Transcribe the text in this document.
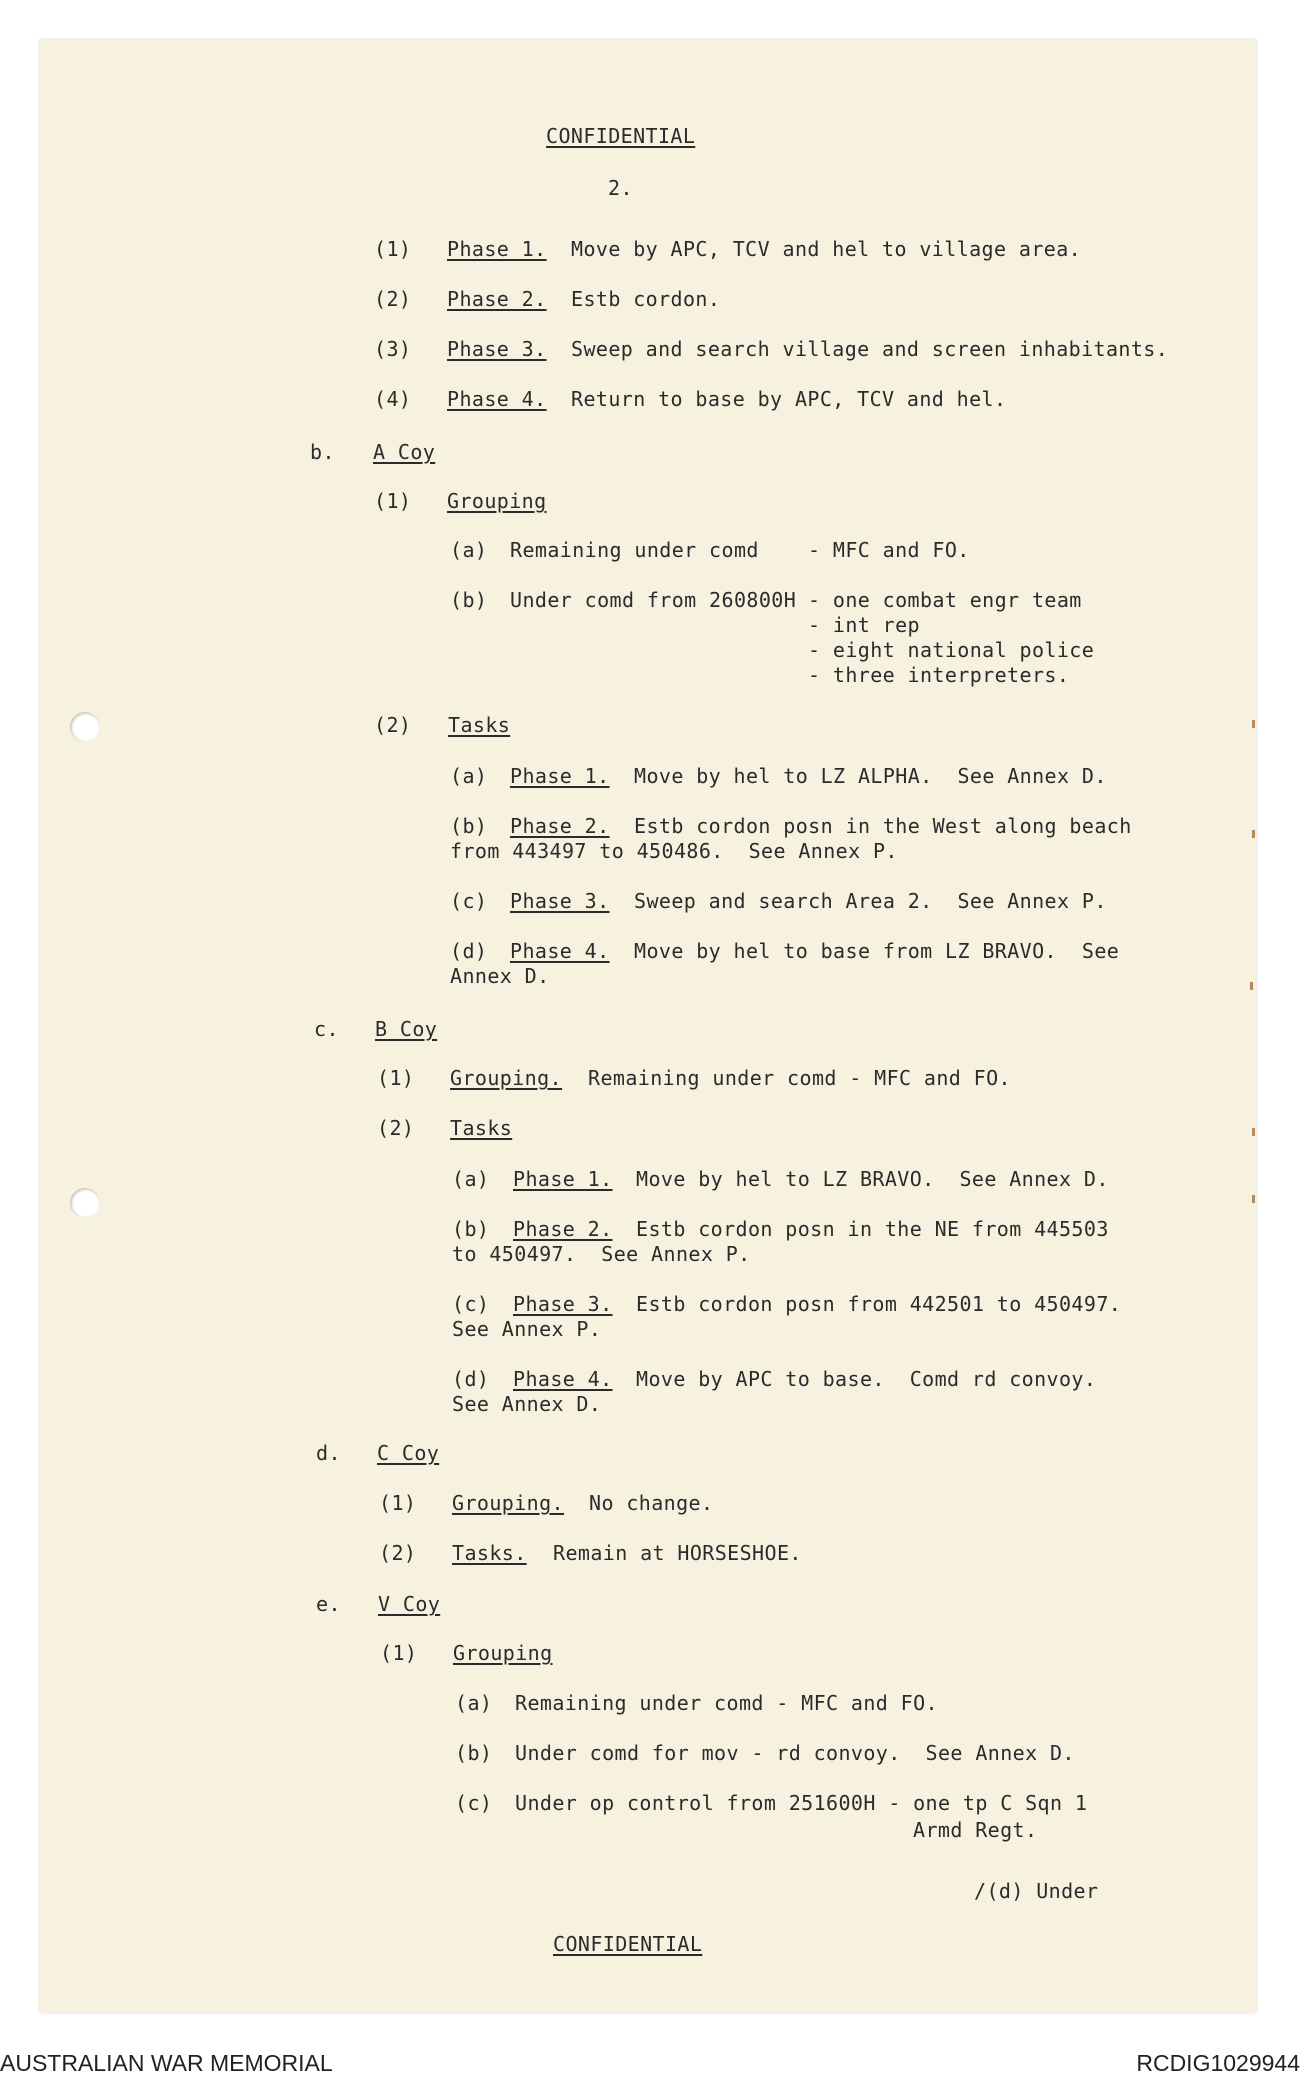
CONFIDENTIAL
2.
(1) Phase 1. Move by APC, TCV and hel to village area.
(2) Phase 2. Estb cordon.
(3) Phase 3. Sweep and search village and screen inhabitants.
(4) Phase 4. Return to base by APC, TCV and hel.
b. A Coy
(1) Grouping
(a) Remaining under comd - MFC and FO.
(b) Under comd from 260800H - one combat engr team
- int rep
- eight national police
- three interpreters.
(2) Tasks
(a) Phase 1. Move by hel to LZ ALPHA.  See Annex D.
(b) Phase 2. Estb cordon posn in the West along beach
from 443497 to 450486.  See Annex P.
(c) Phase 3. Sweep and search Area 2.  See Annex P.
(d) Phase 4. Move by hel to base from LZ BRAVO.  See
Annex D.
c. B Coy
(1) Grouping. Remaining under comd - MFC and FO.
(2) Tasks
(a) Phase 1. Move by hel to LZ BRAVO.  See Annex D.
(b) Phase 2. Estb cordon posn in the NE from 445503
to 450497.  See Annex P.
(c) Phase 3. Estb cordon posn from 442501 to 450497.
See Annex P.
(d) Phase 4. Move by APC to base.  Comd rd convoy.
See Annex D.
d. C Coy
(1) Grouping. No change.
(2) Tasks. Remain at HORSESHOE.
e. V Coy
(1) Grouping
(a) Remaining under comd - MFC and FO.
(b) Under comd for mov - rd convoy.  See Annex D.
(c) Under op control from 251600H - one tp C Sqn 1
Armd Regt.
/(d) Under
CONFIDENTIAL
AUSTRALIAN WAR MEMORIAL	RCDIG1029944
